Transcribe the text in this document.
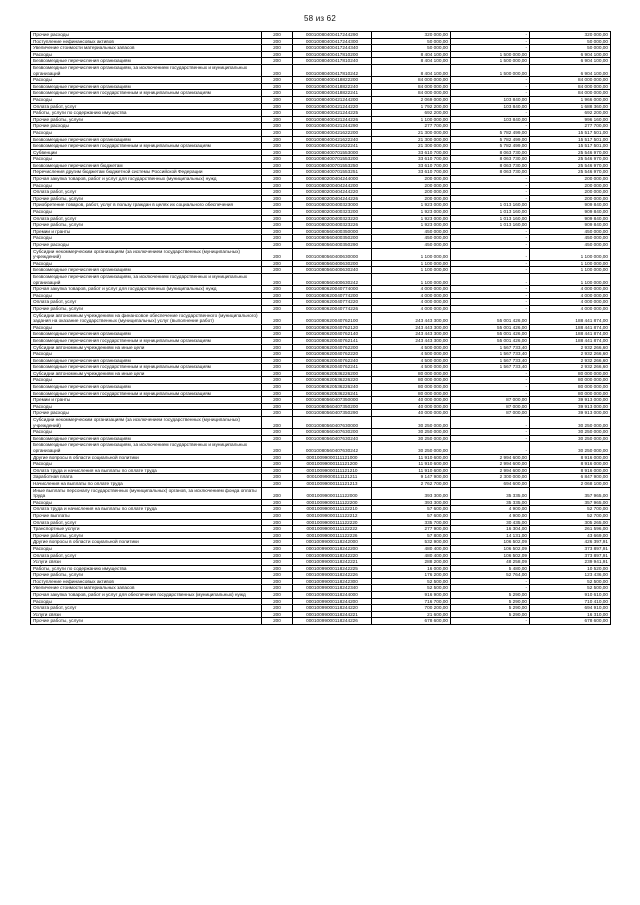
58 из 62
Прочие расходы	200	00010080400417244290	320 000,00	-	320 000,00
Поступление нефинансовых активов	200	00010080400417244300	50 000,00	-	50 000,00
Увеличение стоимости материальных запасов	200	00010080400417244340	50 000,00	-	50 000,00
Расходы	200	00010080400417810200	8 404 100,00	1 500 000,00	6 904 100,00
Безвозмездные перечисления организациям	200	00010080400417810240	8 404 100,00	1 500 000,00	6 904 100,00
Безвозмездные перечисления организациям, за исключением государственных и муниципальных организаций	200	00010080400417810242	8 404 100,00	1 500 000,00	6 904 100,00
Расходы	200	00010080400418822200	84 000 000,00	-	84 000 000,00
Безвозмездные перечисления организациям	200	00010080400418822240	84 000 000,00	-	84 000 000,00
Безвозмездные перечисления государственным и муниципальным организациям	200	00010080400418822241	84 000 000,00	-	84 000 000,00
Расходы	200	00010080400421244200	2 069 000,00	103 840,00	1 966 000,00
Оплата работ, услуг	200	00010080400421244220	1 792 200,00	103 840,00	1 688 360,00
Работы, услуги по содержанию имущества	200	00010080400421244225	692 200,00	-	692 200,00
Прочие работы, услуги	200	00010080400421244226	1 100 000,00	103 840,00	996 160,00
Прочие расходы	200	00010080400421244290	277 700,00	-	277 700,00
Расходы	200	00010080400421622200	21 300 000,00	5 782 499,00	15 517 501,00
Безвозмездные перечисления организациям	200	00010080400421622240	21 300 000,00	5 782 499,00	15 517 501,00
Безвозмездные перечисления государственным и муниципальным организациям	200	00010080400421622241	21 300 000,00	5 782 499,00	15 517 501,00
Субвенции	200	00010080400701553000	33 610 700,00	8 063 730,00	25 546 970,00
Расходы	200	00010080400701553200	33 610 700,00	8 063 730,00	25 546 970,00
Безвозмездные перечисления бюджетам	200	00010080400701553250	33 610 700,00	8 063 730,00	25 546 970,00
Перечисления другим бюджетам бюджетной системы Российской Федерации	200	00010080400701553251	33 610 700,00	8 063 730,00	25 546 970,00
Прочая закупка товаров, работ и услуг для государственных (муниципальных) нужд	200	00010080200404244000	200 000,00	-	200 000,00
Расходы	200	00010080200404244200	200 000,00	-	200 000,00
Оплата работ, услуг	200	00010080200404244220	200 000,00	-	200 000,00
Прочие работы, услуги	200	00010080200404244226	200 000,00	-	200 000,00
Приобретение товаров, работ, услуг в пользу граждан в целях их социального обеспечения	200	00010080200400323000	1 923 000,00	1 013 160,00	909 840,00
Расходы	200	00010080200400323200	1 923 000,00	1 013 160,00	909 840,00
Оплата работ, услуг	200	00010080200400323220	1 923 000,00	1 013 160,00	909 840,00
Прочие работы, услуги	200	00010080200400323226	1 923 000,00	1 013 160,00	909 840,00
Премии и гранты	200	00010080560400350000	450 000,00	-	450 000,00
Расходы	200	00010080560400350200	450 000,00	-	450 000,00
Прочие расходы	200	00010080560400350290	450 000,00	-	450 000,00
Субсидии некоммерческим организациям (за исключением государственных (муниципальных) учреждений)	200	00010080560400630000	1 100 000,00	-	1 100 000,00
Расходы	200	00010080560400630200	1 100 000,00	-	1 100 000,00
Безвозмездные перечисления организациям	200	00010080560400630240	1 100 000,00	-	1 100 000,00
Безвозмездные перечисления организациям, за исключением государственных и муниципальных организаций	200	00010080560400630242	1 100 000,00	-	1 100 000,00
Прочая закупка товаров, работ и услуг для государственных (муниципальных) нужд	200	00010080620040774000	4 000 000,00	-	4 000 000,00
Расходы	200	00010080620040774200	4 000 000,00	-	4 000 000,00
Оплата работ, услуг	200	00010080620040774220	4 000 000,00	-	4 000 000,00
Прочие работы, услуги	200	00010080620040774226	4 000 000,00	-	4 000 000,00
Субсидии автономным учреждениям на финансовое обеспечение государственного (муниципального) задания на оказание государственных (муниципальных) услуг (выполнение работ)	200	00010080620040762100	243 443 300,00	55 001 426,00	188 441 874,00
Расходы	200	00010080620040762120	243 443 300,00	55 001 426,00	188 441 874,00
Безвозмездные перечисления организациям	200	00010080620040762140	243 443 300,00	55 001 426,00	188 441 874,00
Безвозмездные перечисления государственным и муниципальным организациям	200	00010080620040762141	243 443 300,00	55 001 426,00	188 441 874,00
Субсидии автономным учреждениям на иные цели	200	00010080620040762200	4 500 000,00	1 567 733,40	2 932 266,60
Расходы	200	00010080620040762220	4 500 000,00	1 567 733,40	2 932 266,60
Безвозмездные перечисления организациям	200	00010080620040762240	4 500 000,00	1 567 733,40	2 932 266,60
Безвозмездные перечисления государственным и муниципальным организациям	200	00010080620040762241	4 500 000,00	1 567 733,40	2 932 266,60
Субсидии автономным учреждениям на иные цели	200	00010080620536226200	80 000 000,00	-	80 000 000,00
Расходы	200	00010080620536226220	80 000 000,00	-	80 000 000,00
Безвозмездные перечисления организациям	200	00010080620536226240	80 000 000,00	-	80 000 000,00
Безвозмездные перечисления государственным и муниципальным организациям	200	00010080620536226241	80 000 000,00	-	80 000 000,00
Премии и гранты	200	00010080560407350000	40 000 000,00	87 000,00	39 913 000,00
Расходы	200	00010080560407350200	40 000 000,00	87 000,00	39 913 000,00
Прочие расходы	200	00010080560407350290	40 000 000,00	87 000,00	39 913 000,00
Субсидии некоммерческим организациям (за исключением государственных (муниципальных) учреждений)	200	00010080560407630000	30 250 000,00	-	30 250 000,00
Расходы	200	00010080560407630200	30 250 000,00	-	30 250 000,00
Безвозмездные перечисления организациям	200	00010080560407630240	30 250 000,00	-	30 250 000,00
Безвозмездные перечисления организациям, за исключением государственных и муниципальных организаций	200	00010080560407630242	30 250 000,00	-	30 250 000,00
Другие вопросы в области социальной политики	200	00010099000111121000	11 910 600,00	2 994 600,00	8 916 000,00
Расходы	200	00010099000111121200	11 910 600,00	2 994 600,00	8 916 000,00
Оплата труда и начисления на выплаты по оплате труда	200	00010099000111121210	11 910 600,00	2 994 600,00	8 916 000,00
Заработная плата	200	00010099000111121211	9 147 900,00	2 300 000,00	6 847 900,00
Начисления на выплаты по оплате труда	200	00010099000111121213	2 762 700,00	694 600,00	2 068 100,00
Иные выплаты персоналу государственных (муниципальных) органов, за исключением фонда оплаты труда	200	00010099000111122000	393 300,00	35 335,00	357 965,00
Расходы	200	00010099000111122200	393 300,00	35 335,00	357 965,00
Оплата труда и начисления на выплаты по оплате труда	200	00010099000111122210	57 600,00	4 900,00	52 700,00
Прочие выплаты	200	00010099000111122212	57 600,00	4 900,00	52 700,00
Оплата работ, услуг	200	00010099000111122220	335 700,00	30 435,00	305 265,00
Транспортные услуги	200	00010099000111122222	277 900,00	16 304,00	261 596,00
Прочие работы, услуги	200	00010099000111122226	57 800,00	14 131,00	43 669,00
Другие вопросы в области социальной политики	200	00010099000118242000	532 900,00	106 502,09	426 397,91
Расходы	200	00010099000118242200	480 400,00	106 502,09	373 897,91
Оплата работ, услуг	200	00010099000118242220	480 400,00	106 502,09	373 897,91
Услуги связи	200	00010099000118242221	288 200,00	48 258,09	239 941,91
Работы, услуги по содержанию имущества	200	00010099000118242225	16 000,00	5 480,00	10 520,00
Прочие работы, услуги	200	00010099000118242226	176 200,00	52 764,00	123 436,00
Поступление нефинансовых активов	200	00010099000118242300	52 500,00	-	52 500,00
Увеличение стоимости материальных запасов	200	00010099000118242340	52 500,00	-	52 500,00
Прочая закупка товаров, работ и услуг для обеспечения государственных (муниципальных) нужд	200	00010099000118244000	916 900,00	5 290,00	910 610,00
Расходы	200	00010099000118244200	716 700,00	5 290,00	710 410,00
Оплата работ, услуг	200	00010099000118244220	700 200,00	5 290,00	694 910,00
Услуги связи	200	00010099000118244221	21 600,00	5 290,00	16 310,00
Прочие работы, услуги	200	00010099000118244226	678 600,00	-	678 600,00
